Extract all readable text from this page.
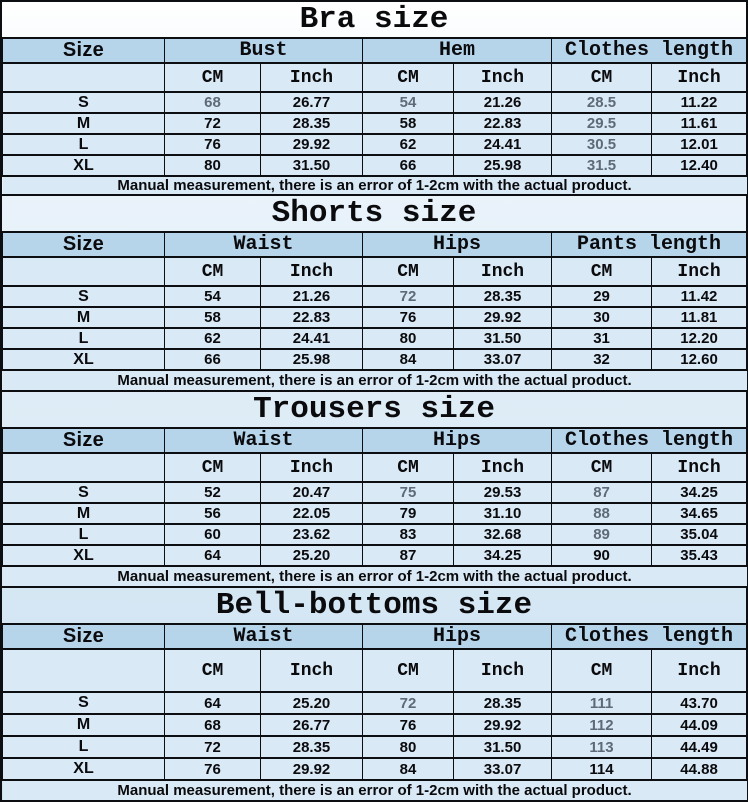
Bra size
Size	Bust		Hem		Clothes length	
	CM	Inch	CM	Inch	CM	Inch
S	68	26.77	54	21.26	28.5	11.22
M	72	28.35	58	22.83	29.5	11.61
L	76	29.92	62	24.41	30.5	12.01
XL	80	31.50	66	25.98	31.5	12.40
Manual measurement, there is an error of 1-2cm with the actual product.						
Shorts size
Size	Waist		Hips		Pants length	
	CM	Inch	CM	Inch	CM	Inch
S	54	21.26	72	28.35	29	11.42
M	58	22.83	76	29.92	30	11.81
L	62	24.41	80	31.50	31	12.20
XL	66	25.98	84	33.07	32	12.60
Manual measurement, there is an error of 1-2cm with the actual product.						
Trousers size
Size	Waist		Hips		Clothes length	
	CM	Inch	CM	Inch	CM	Inch
S	52	20.47	75	29.53	87	34.25
M	56	22.05	79	31.10	88	34.65
L	60	23.62	83	32.68	89	35.04
XL	64	25.20	87	34.25	90	35.43
Manual measurement, there is an error of 1-2cm with the actual product.						
Bell-bottoms size
Size	Waist		Hips		Clothes length	
	CM	Inch	CM	Inch	CM	Inch
S	64	25.20	72	28.35	111	43.70
M	68	26.77	76	29.92	112	44.09
L	72	28.35	80	31.50	113	44.49
XL	76	29.92	84	33.07	114	44.88
Manual measurement, there is an error of 1-2cm with the actual product.						
